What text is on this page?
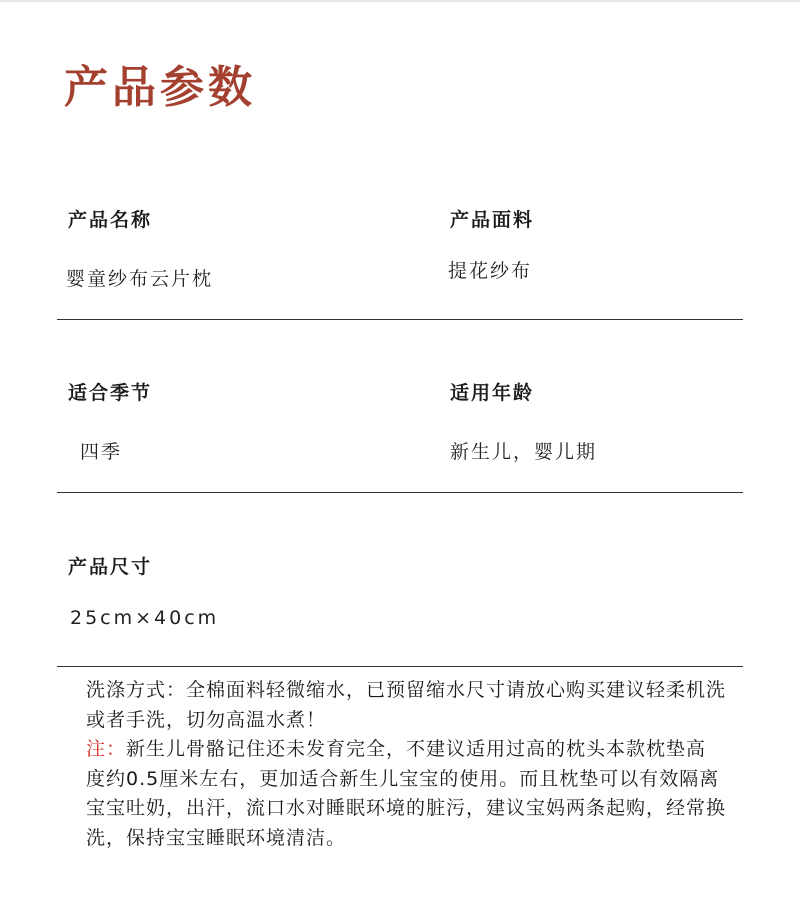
产品参数
产品名称
婴童纱布云片枕
产品面料
提花纱布
适合季节
四季
适用年龄
新生儿，婴儿期
产品尺寸
25cm×40cm

洗涤方式：全棉面料轻微缩水，已预留缩水尺寸请放心购买建议轻柔机洗或者手洗，切勿高温水煮！

注：新生儿骨骼记住还未发育完全，不建议适用过高的枕头本款枕垫高度约0.5厘米左右，更加适合新生儿宝宝的使用。而且枕垫可以有效隔离宝宝吐奶，出汗，流口水对睡眠环境的脏污，建议宝妈两条起购，经常换洗，保持宝宝睡眠环境清洁。
